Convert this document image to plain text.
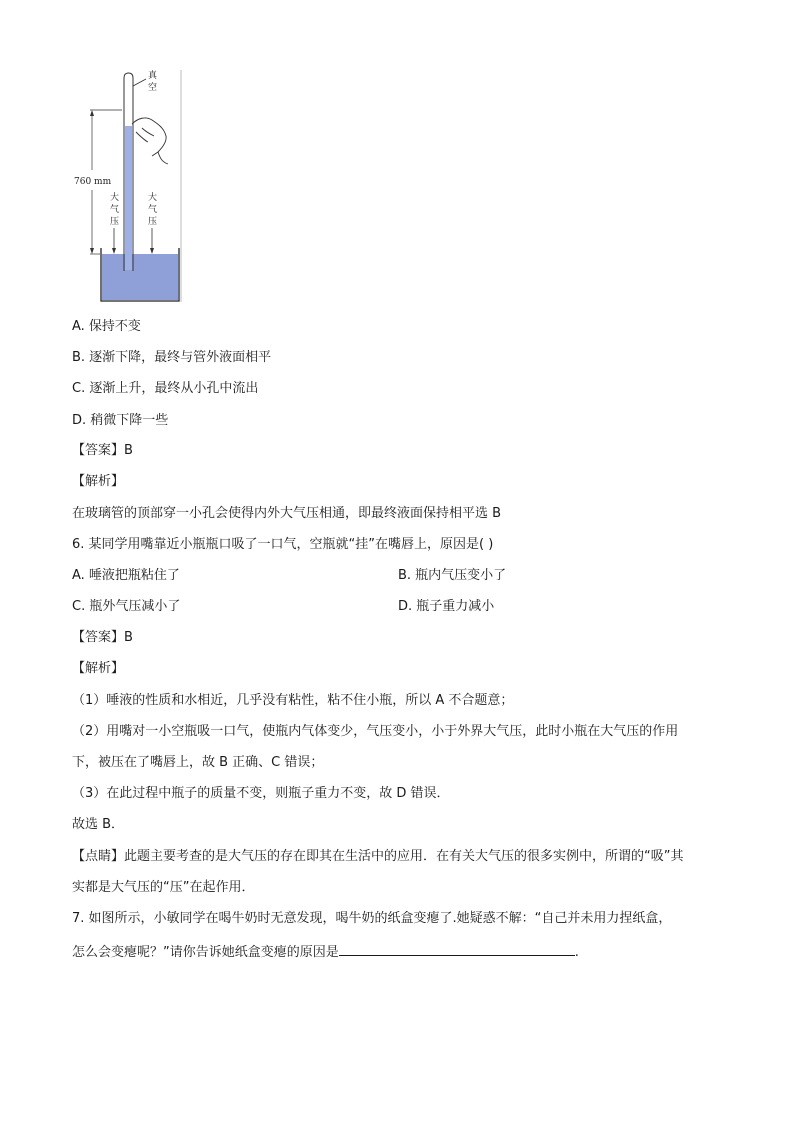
真
空
760 mm
大
气
压
大
气
压
A. 保持不变
B. 逐渐下降，最终与管外液面相平
C. 逐渐上升，最终从小孔中流出
D. 稍微下降一些
【答案】B
【解析】
在玻璃管的顶部穿一小孔会使得内外大气压相通，即最终液面保持相平选 B
6. 某同学用嘴靠近小瓶瓶口吸了一口气，空瓶就“挂”在嘴唇上，原因是( )
A. 唾液把瓶粘住了	B. 瓶内气压变小了
C. 瓶外气压减小了	D. 瓶子重力减小
【答案】B
【解析】
（1）唾液的性质和水相近，几乎没有粘性，粘不住小瓶，所以 A 不合题意；
（2）用嘴对一小空瓶吸一口气，使瓶内气体变少，气压变小，小于外界大气压，此时小瓶在大气压的作用
下，被压在了嘴唇上，故 B 正确、C 错误；
（3）在此过程中瓶子的质量不变，则瓶子重力不变，故 D 错误．
故选 B．
【点睛】此题主要考查的是大气压的存在即其在生活中的应用．在有关大气压的很多实例中，所谓的“吸”其
实都是大气压的“压”在起作用．
7. 如图所示，小敏同学在喝牛奶时无意发现，喝牛奶的纸盒变瘪了.她疑惑不解：“自己并未用力捏纸盒，
怎么会变瘪呢？”请你告诉她纸盒变瘪的原因是	.
